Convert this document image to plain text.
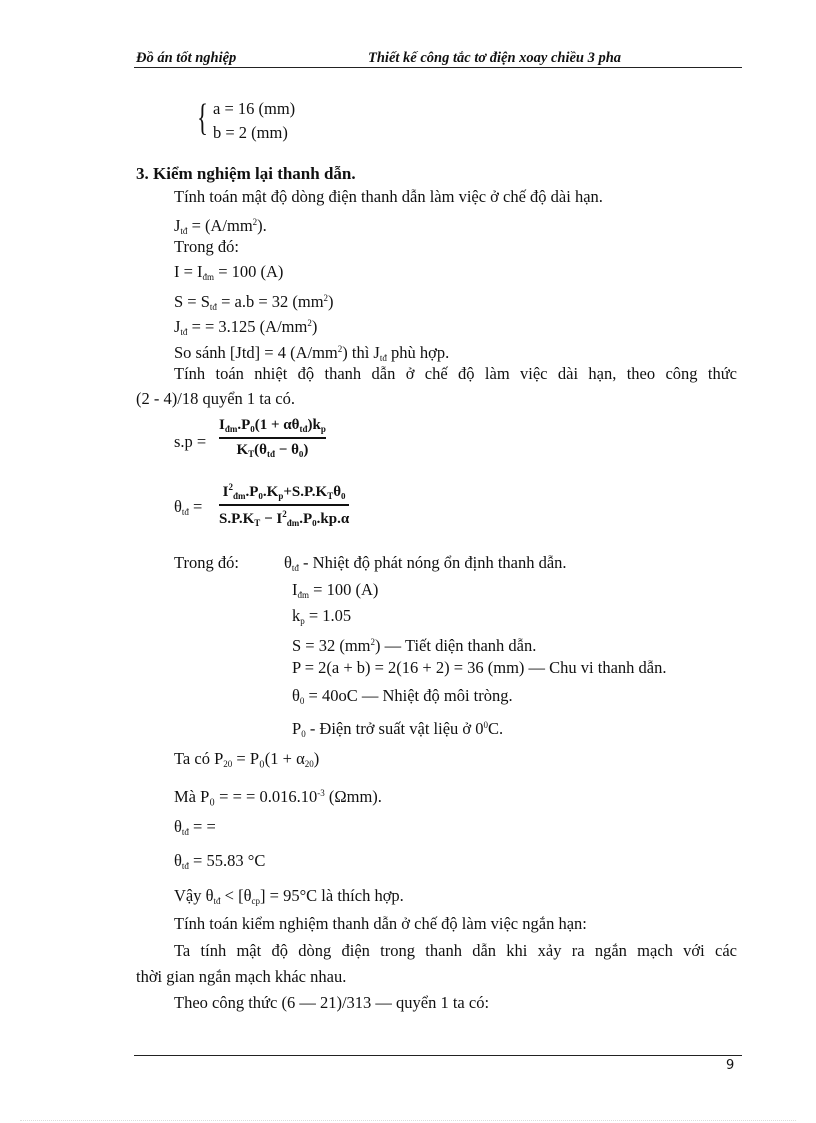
Đồ án tốt nghiệp	Thiết kế công tắc tơ điện xoay chiều 3 pha
{ a = 16 (mm)
b = 2 (mm)
3. Kiểm nghiệm lại thanh dẫn.
Tính toán mật độ dòng điện thanh dẫn làm việc ở chế độ dài hạn.
$J_{tđ} = (A/mm^2)$.
Trong đó:
$I = I_{đm} = 100$ (A)
$S = S_{tđ} = a.b = 32$ $(mm^2)$
$J_{tđ}$ = = 3.125 $(A/mm^2)$
So sánh [Jtd] = 4 $(A/mm^2)$ thì $J_{tđ}$ phù hợp.
Tính toán nhiệt độ thanh dẫn ở chế độ làm việc dài hạn, theo công thức
(2 - 4)/18 quyển 1 ta có.
s.p =
$I_{đm}.P_0(1 + \alpha\theta_{tđ})k_p$
$K_T(\theta_{tđ} - \theta_0)$
$\theta_{tđ}$ =
$I^2_{đm}.P_0.K_p+S.P.K_T\theta_0$
$S.P.K_T - I^2_{đm}.P_0.kp.\alpha$
Trong đó:	$\theta_{tđ}$ - Nhiệt độ phát nóng ổn định thanh dẫn.
$I_{đm} = 100$ (A)
$k_p = 1.05$
S = 32 $(mm^2)$ — Tiết diện thanh dẫn.
P = 2(a + b) = 2(16 + 2) = 36 (mm) — Chu vi thanh dẫn.
$\theta_0 = 40oC$ — Nhiệt độ môi tròng.
$P_0$ - Điện trở suất vật liệu ở $0^0C$.
Ta có $P_{20} = P_0(1 + \alpha_{20})$
Mà P₀ = = = $0.016.10^{-3}$ (Ωmm).
$\theta_{tđ}$ = =
$\theta_{tđ} = 55.83$ °C
Vậy $\theta_{tđ} < [\theta_{cp}] = 95^\circ C$ là thích hợp.
Tính toán kiểm nghiệm thanh dẫn ở chế độ làm việc ngắn hạn:
Ta tính mật độ dòng điện trong thanh dẫn khi xảy ra ngắn mạch với các
thời gian ngắn mạch khác nhau.
Theo công thức (6 — 21)/313 — quyển 1 ta có:
9
